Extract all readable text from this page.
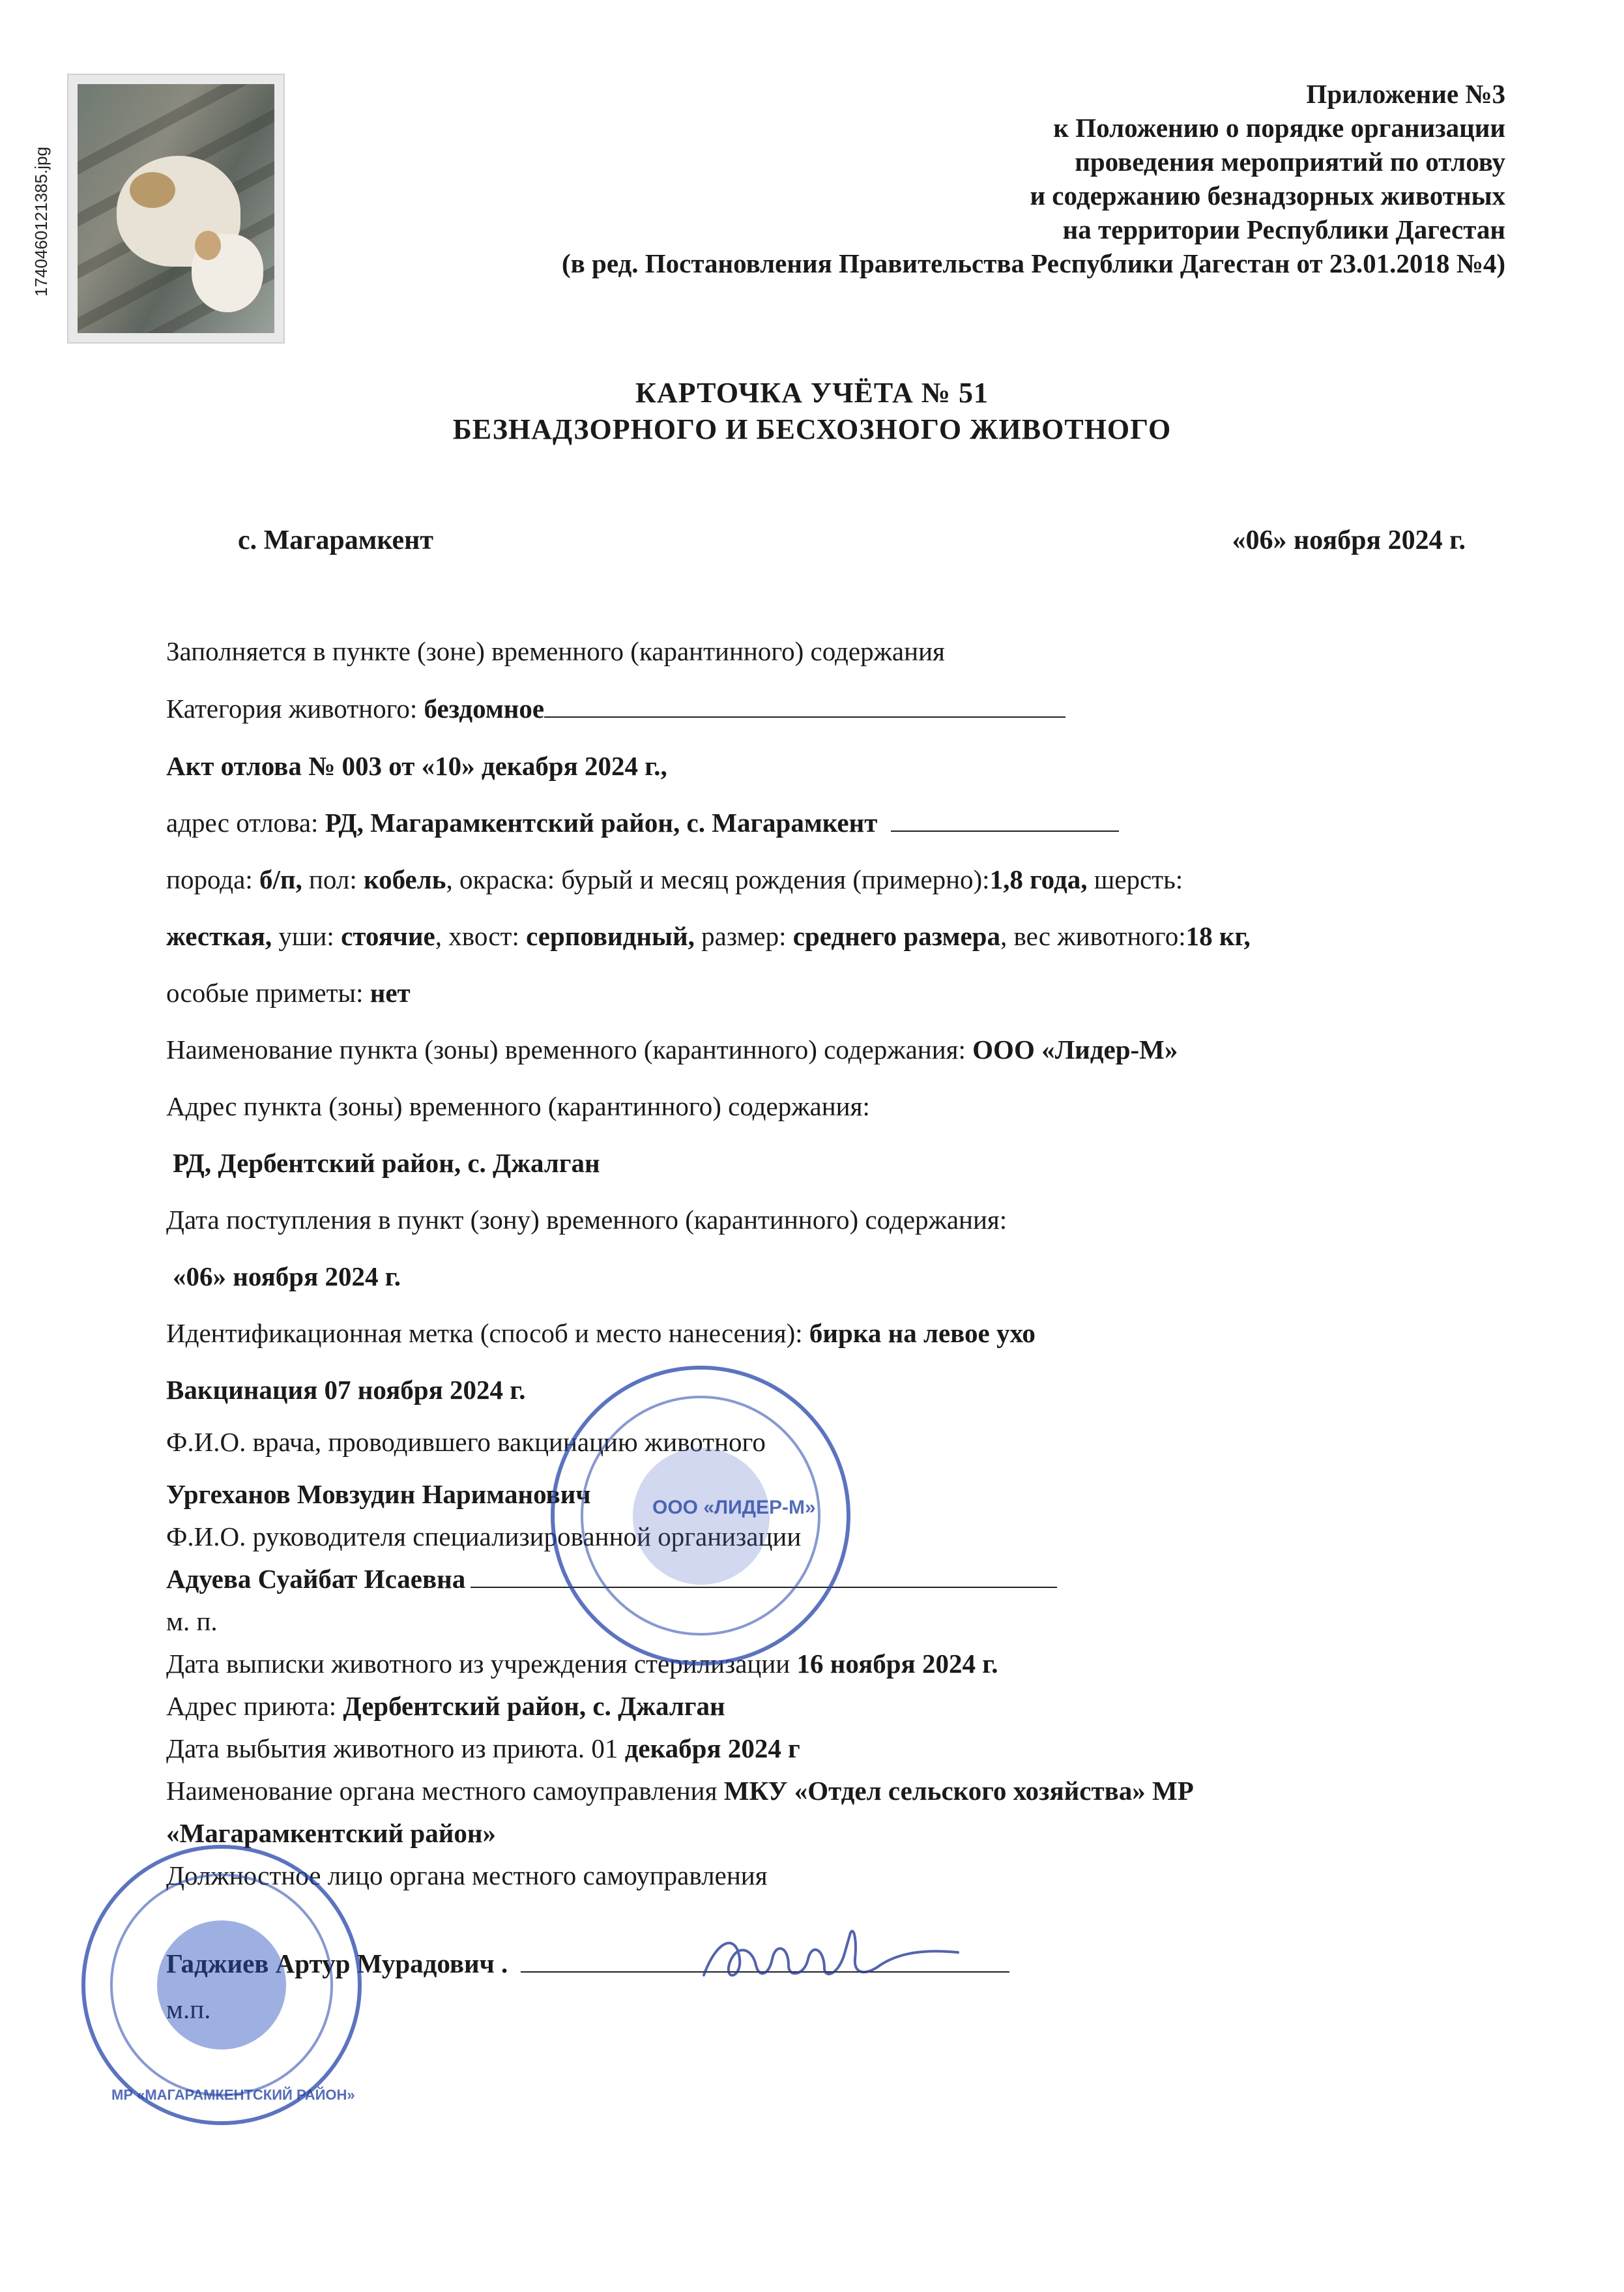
1740460121385.jpg
Приложение №3
к Положению о порядке организации
проведения мероприятий по отлову
и содержанию безнадзорных животных
на территории Республики Дагестан
(в ред. Постановления Правительства Республики Дагестан от 23.01.2018 №4)
КАРТОЧКА УЧЁТА № 51
БЕЗНАДЗОРНОГО И БЕСХОЗНОГО ЖИВОТНОГО
с. Магарамкент	«06» ноября 2024 г.
Заполняется в пункте (зоне) временного (карантинного) содержания
Категория животного: бездомное
Акт отлова № 003 от «10» декабря 2024 г.,
адрес отлова: РД, Магарамкентский район, с. Магарамкент
порода: б/п, пол: кобель, окраска: бурый и месяц рождения (примерно):1,8 года, шерсть:
жесткая, уши: стоячие, хвост: серповидный, размер: среднего размера, вес животного:18 кг,
особые приметы: нет
Наименование пункта (зоны) временного (карантинного) содержания: ООО «Лидер-М»
Адрес пункта (зоны) временного (карантинного) содержания:
РД, Дербентский район, с. Джалган
Дата поступления в пункт (зону) временного (карантинного) содержания:
«06» ноября 2024 г.
Идентификационная метка (способ и место нанесения): бирка на левое ухо
Вакцинация 07 ноября 2024 г.
Ф.И.О. врача, проводившего вакцинацию животного
Ургеханов Мовзудин Нариманович
Ф.И.О. руководителя специализированной организации
Адуева Суайбат Исаевна
м. п.
Дата выписки животного из учреждения стерилизации 16 ноября 2024 г.
Адрес приюта: Дербентский район, с. Джалган
Дата выбытия животного из приюта. 01 декабря 2024 г
Наименование органа местного самоуправления МКУ «Отдел сельского хозяйства» МР
«Магарамкентский район»
Должностное лицо органа местного самоуправления
Гаджиев Артур Мурадович .
м.п.
ООО «ЛИДЕР-М»
МР «МАГАРАМКЕНТСКИЙ РАЙОН»
